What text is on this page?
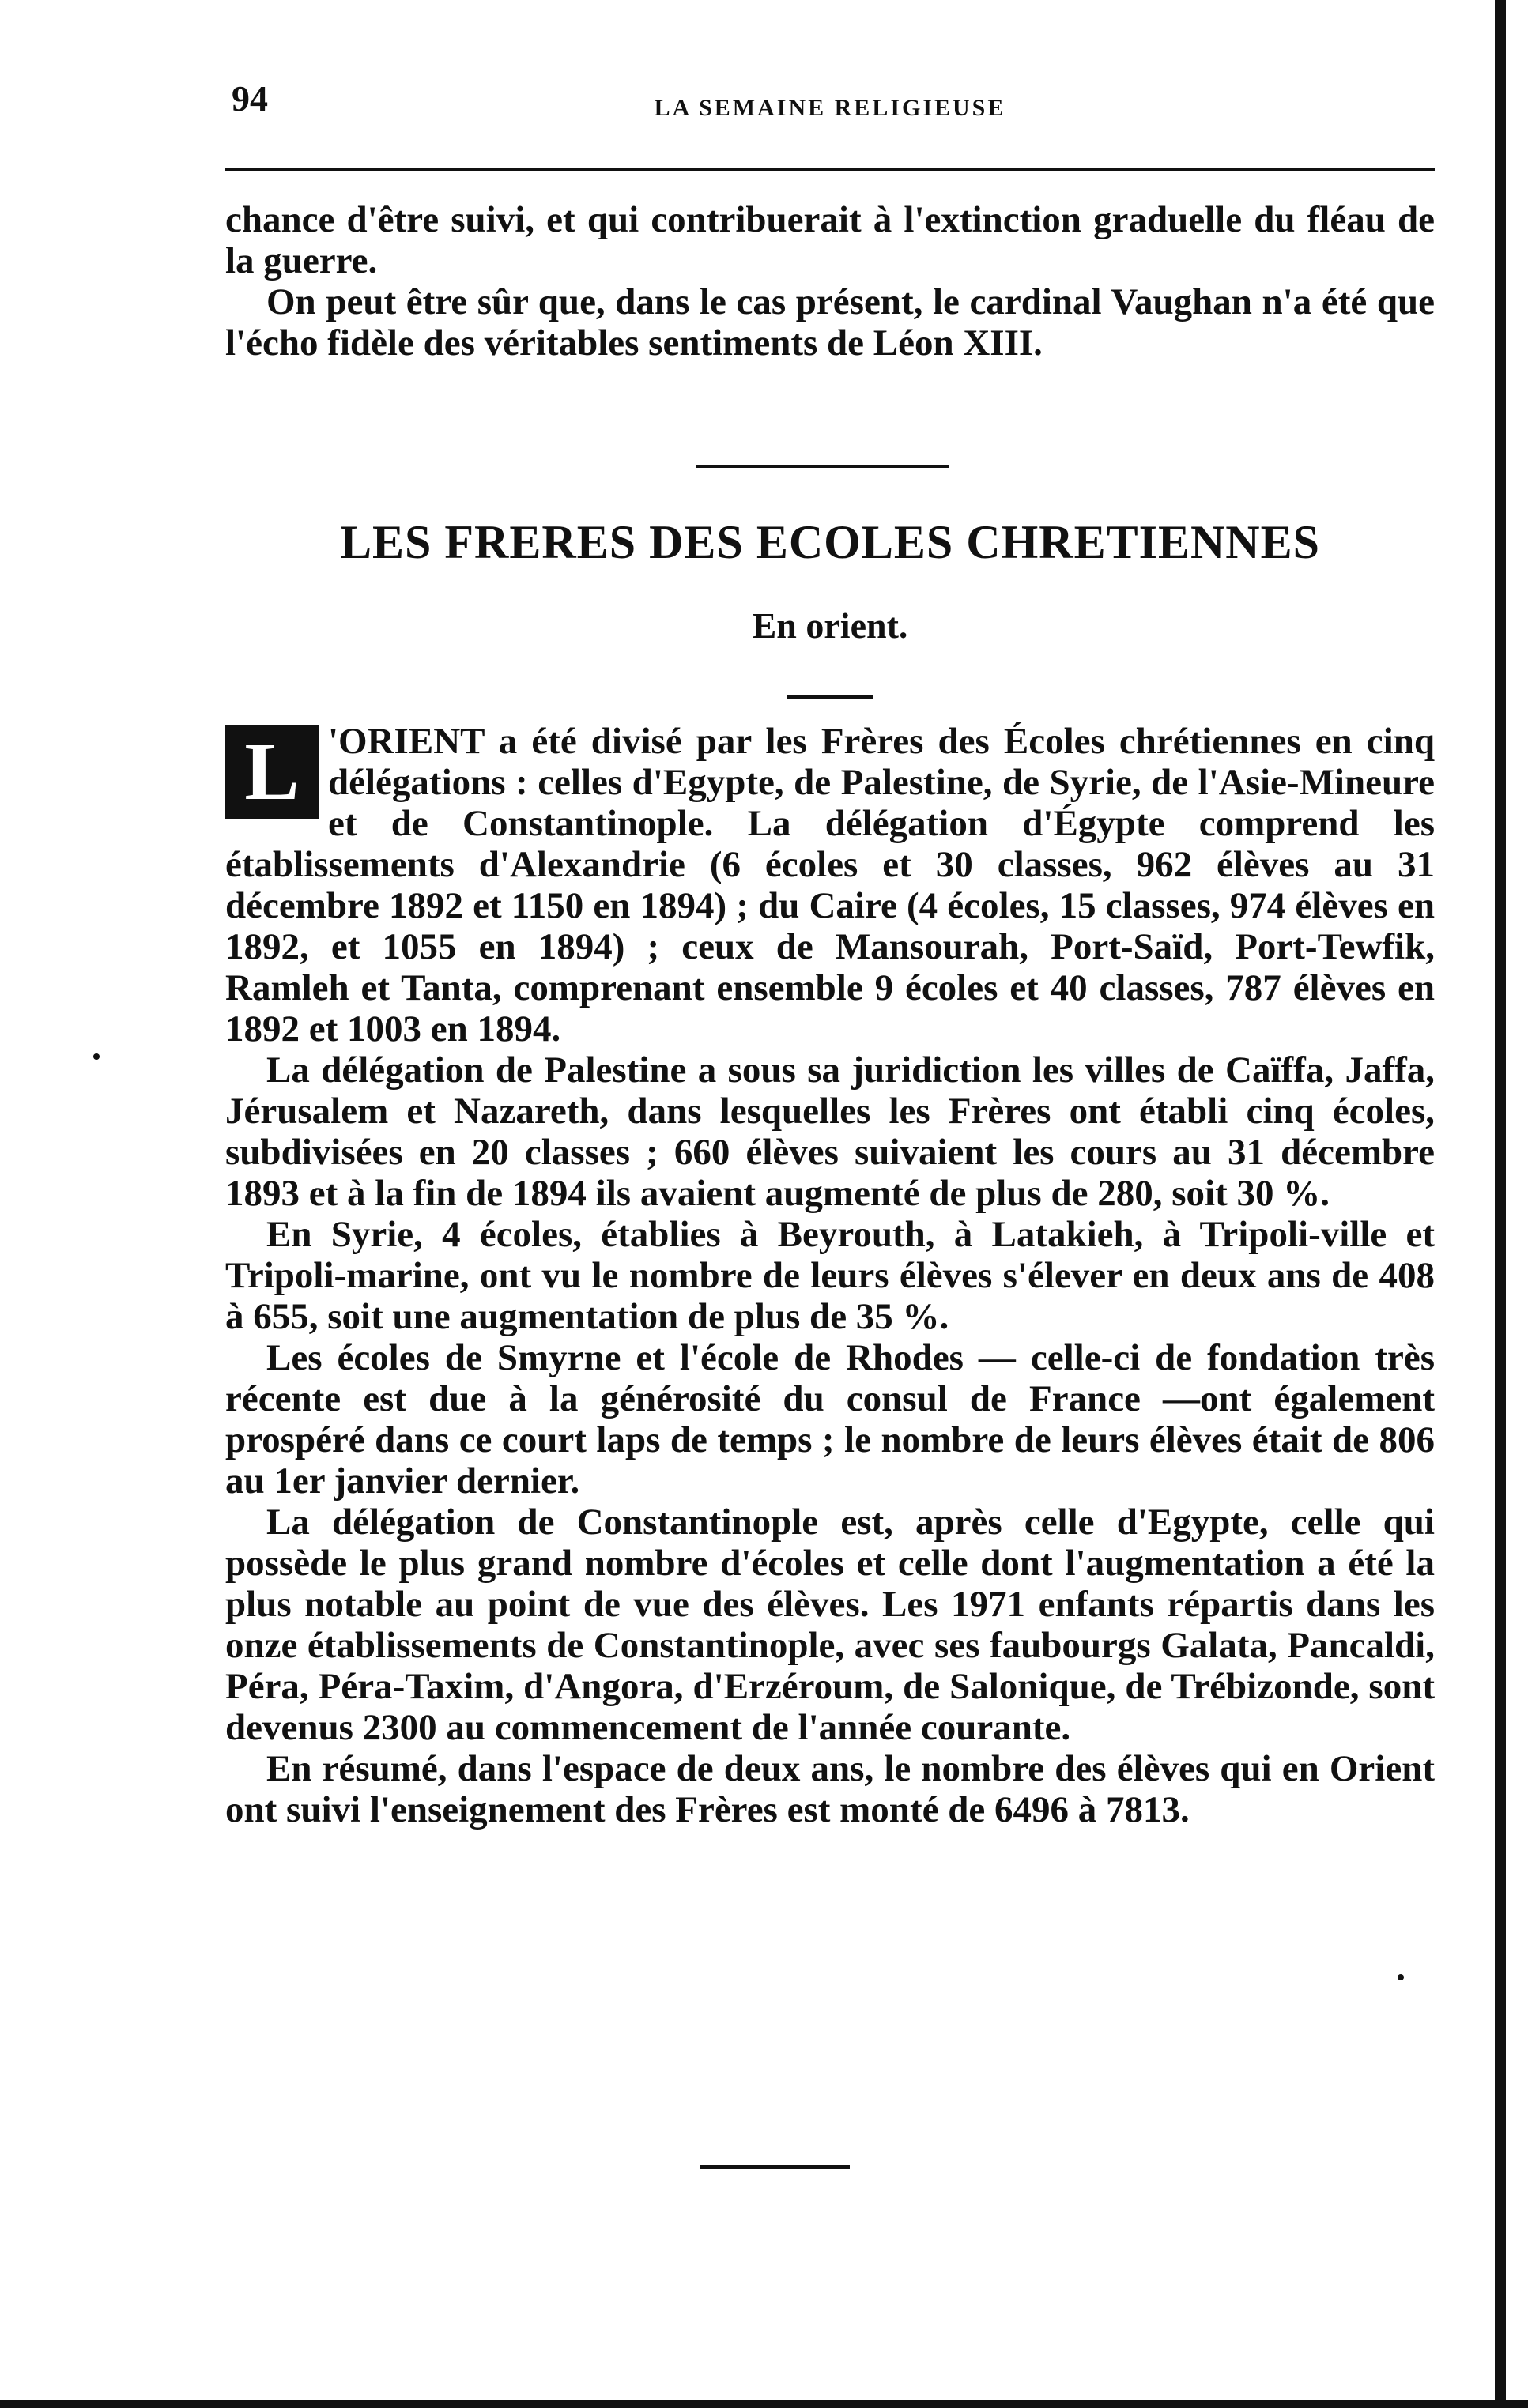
94	LA SEMAINE RELIGIEUSE

chance d'être suivi, et qui contribuerait à l'extinction graduelle du fléau de la guerre.

On peut être sûr que, dans le cas présent, le cardinal Vaughan n'a été que l'écho fidèle des véritables sentiments de Léon XIII.

LES FRERES DES ECOLES CHRETIENNES
En orient.

L 'ORIENT a été divisé par les Frères des Écoles chrétiennes en cinq délégations : celles d'Egypte, de Palestine, de Syrie, de l'Asie-Mineure et de Constantinople. La délégation d'Égypte comprend les établissements d'Alexandrie (6 écoles et 30 classes, 962 élèves au 31 décembre 1892 et 1150 en 1894) ; du Caire (4 écoles, 15 classes, 974 élèves en 1892, et 1055 en 1894) ; ceux de Mansourah, Port-Saïd, Port-Tewfik, Ramleh et Tanta, comprenant ensemble 9 écoles et 40 classes, 787 élèves en 1892 et 1003 en 1894.

La délégation de Palestine a sous sa juridiction les villes de Caïffa, Jaffa, Jérusalem et Nazareth, dans lesquelles les Frères ont établi cinq écoles, subdivisées en 20 classes ; 660 élèves suivaient les cours au 31 décembre 1893 et à la fin de 1894 ils avaient augmenté de plus de 280, soit 30 %.

En Syrie, 4 écoles, établies à Beyrouth, à Latakieh, à Tripoli-ville et Tripoli-marine, ont vu le nombre de leurs élèves s'élever en deux ans de 408 à 655, soit une augmentation de plus de 35 %.

Les écoles de Smyrne et l'école de Rhodes — celle-ci de fondation très récente est due à la générosité du consul de France —ont également prospéré dans ce court laps de temps ; le nombre de leurs élèves était de 806 au 1er janvier dernier.

La délégation de Constantinople est, après celle d'Egypte, celle qui possède le plus grand nombre d'écoles et celle dont l'augmentation a été la plus notable au point de vue des élèves. Les 1971 enfants répartis dans les onze établissements de Constantinople, avec ses faubourgs Galata, Pancaldi, Péra, Péra-Taxim, d'Angora, d'Erzéroum, de Salonique, de Trébizonde, sont devenus 2300 au commencement de l'année courante.

En résumé, dans l'espace de deux ans, le nombre des élèves qui en Orient ont suivi l'enseignement des Frères est monté de 6496 à 7813.
